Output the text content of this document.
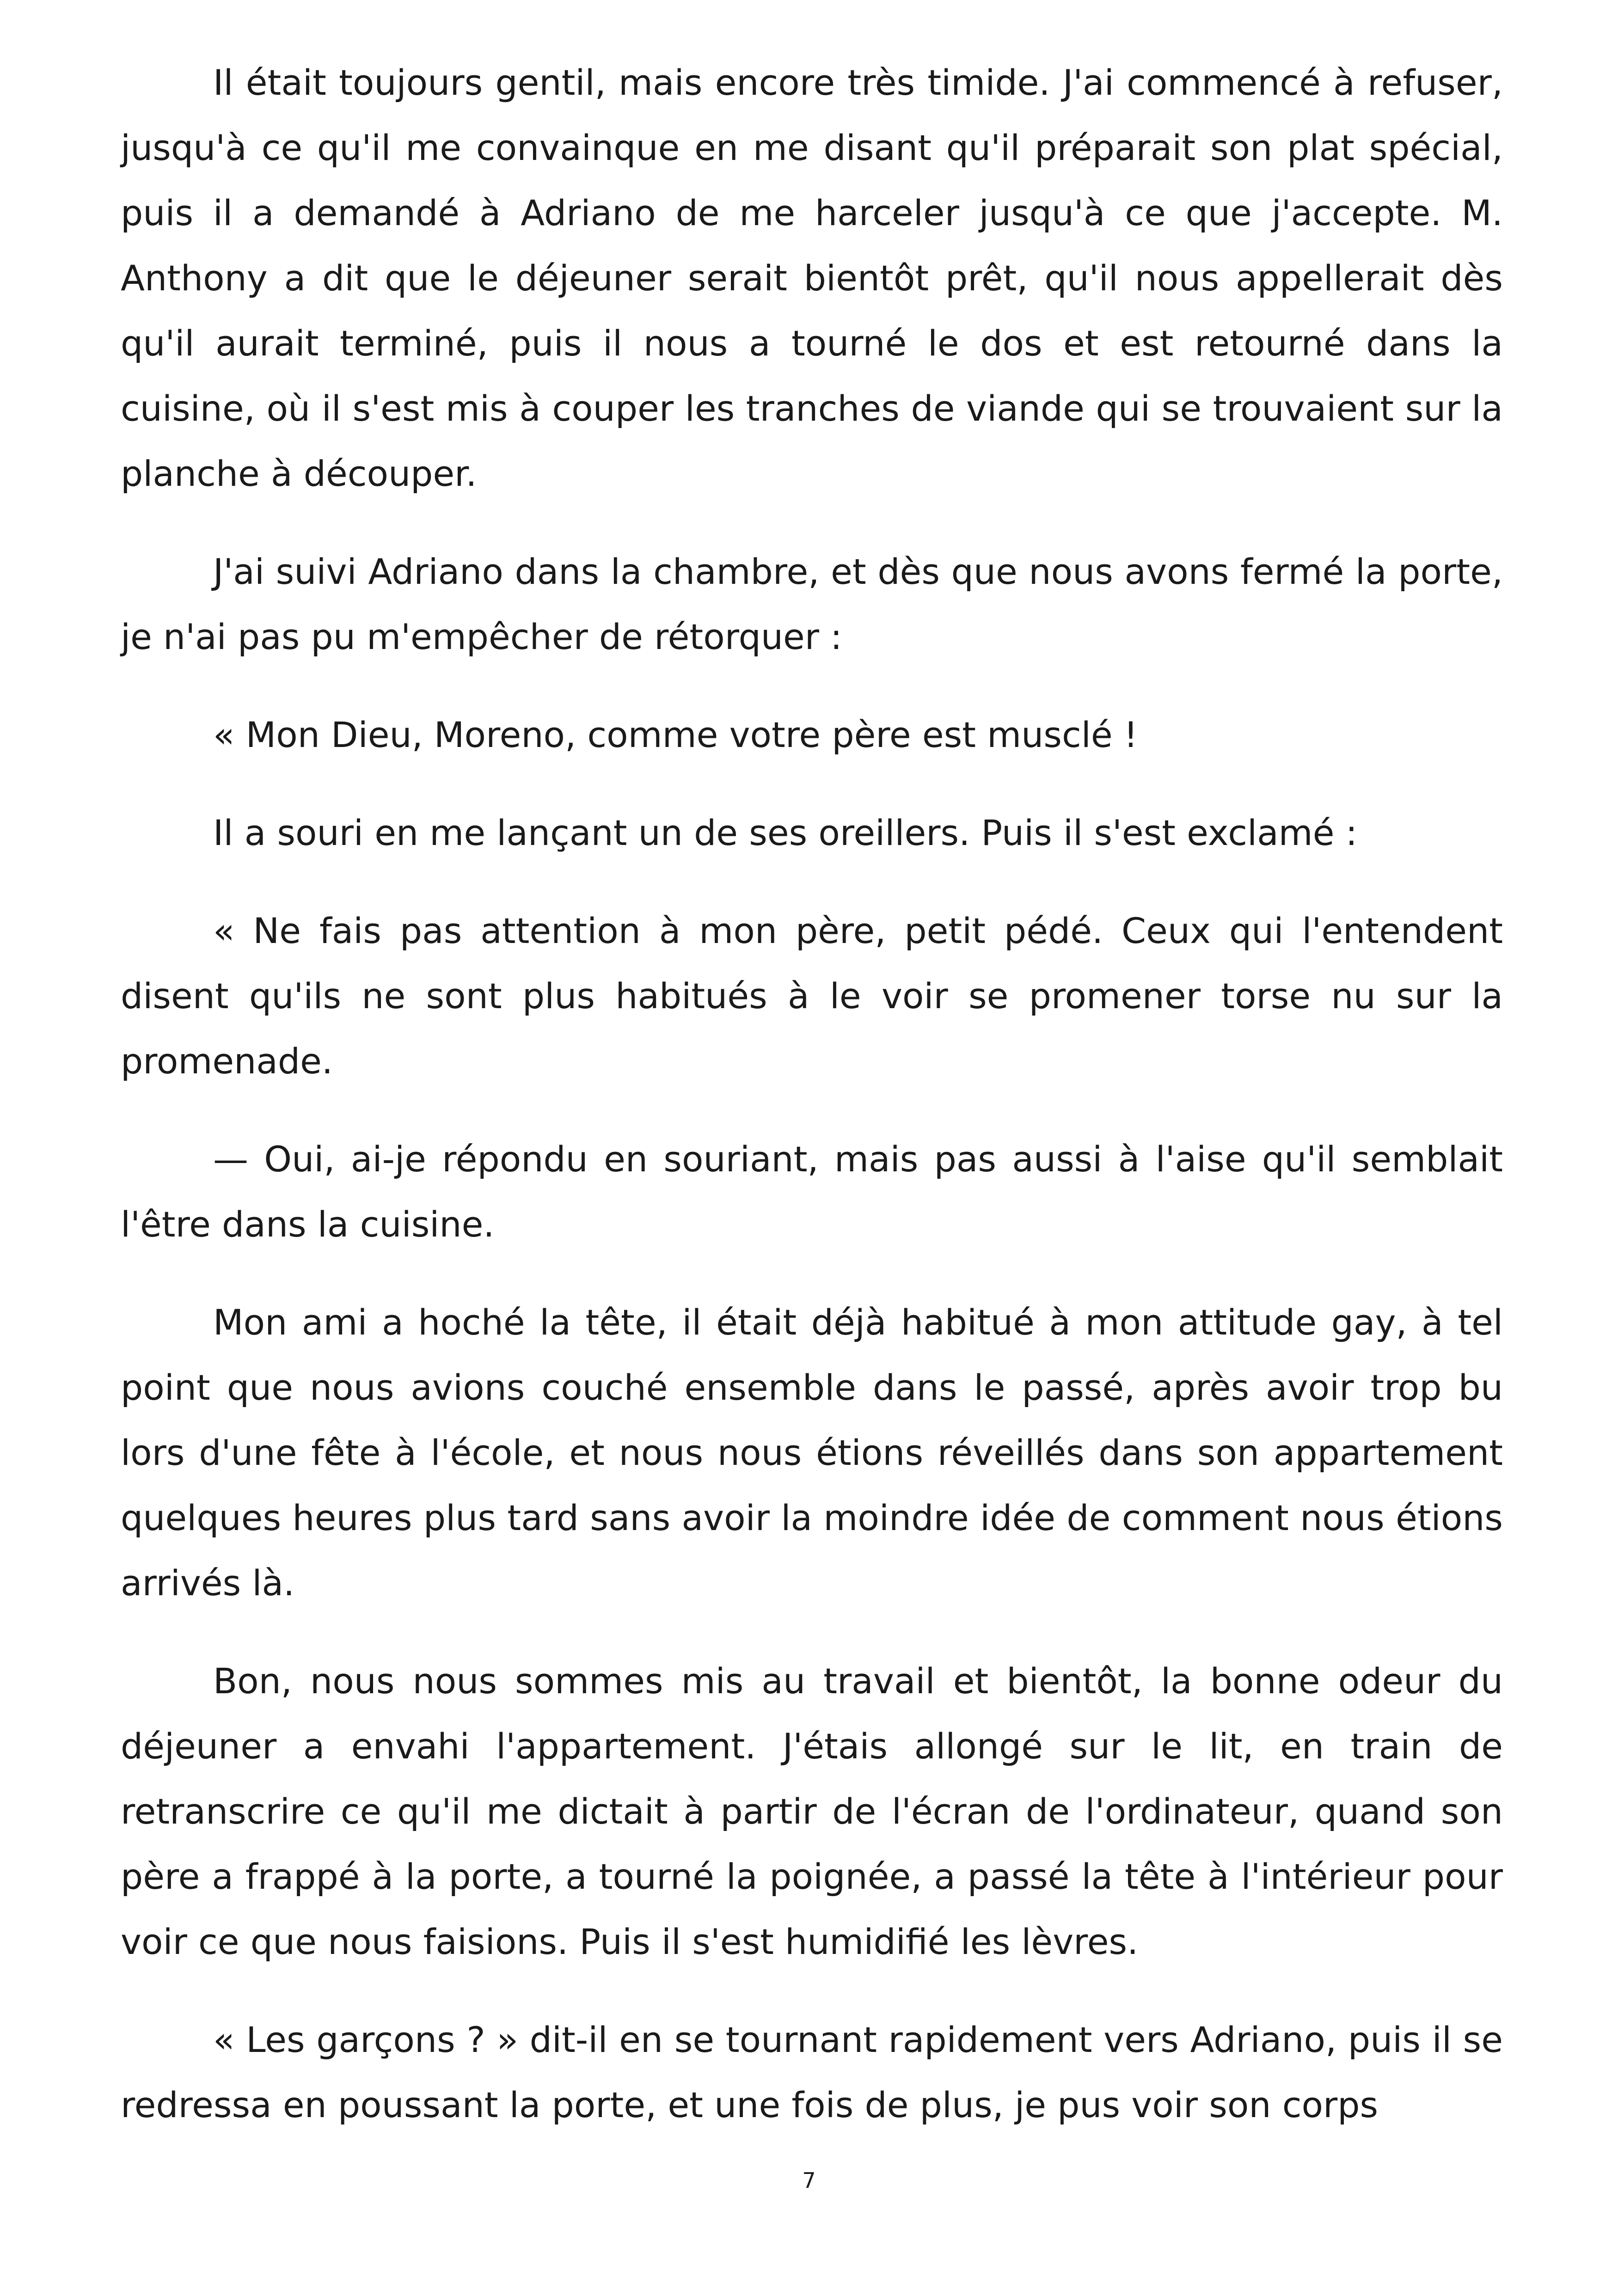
Il était toujours gentil, mais encore très timide. J'ai commencé à refuser, jusqu'à ce qu'il me convainque en me disant qu'il préparait son plat spécial, puis il a demandé à Adriano de me harceler jusqu'à ce que j'accepte. M. Anthony a dit que le déjeuner serait bientôt prêt, qu'il nous appellerait dès qu'il aurait terminé, puis il nous a tourné le dos et est retourné dans la cuisine, où il s'est mis à couper les tranches de viande qui se trouvaient sur la planche à découper.

J'ai suivi Adriano dans la chambre, et dès que nous avons fermé la porte, je n'ai pas pu m'empêcher de rétorquer :

« Mon Dieu, Moreno, comme votre père est musclé !

Il a souri en me lançant un de ses oreillers. Puis il s'est exclamé :

« Ne fais pas attention à mon père, petit pédé. Ceux qui l'entendent disent qu'ils ne sont plus habitués à le voir se promener torse nu sur la promenade.

— Oui, ai-je répondu en souriant, mais pas aussi à l'aise qu'il semblait l'être dans la cuisine.

Mon ami a hoché la tête, il était déjà habitué à mon attitude gay, à tel point que nous avions couché ensemble dans le passé, après avoir trop bu lors d'une fête à l'école, et nous nous étions réveillés dans son appartement quelques heures plus tard sans avoir la moindre idée de comment nous étions arrivés là.

Bon, nous nous sommes mis au travail et bientôt, la bonne odeur du déjeuner a envahi l'appartement. J'étais allongé sur le lit, en train de retranscrire ce qu'il me dictait à partir de l'écran de l'ordinateur, quand son père a frappé à la porte, a tourné la poignée, a passé la tête à l'intérieur pour voir ce que nous faisions. Puis il s'est humidifié les lèvres.

« Les garçons ? » dit-il en se tournant rapidement vers Adriano, puis il se redressa en poussant la porte, et une fois de plus, je pus voir son corps

7
